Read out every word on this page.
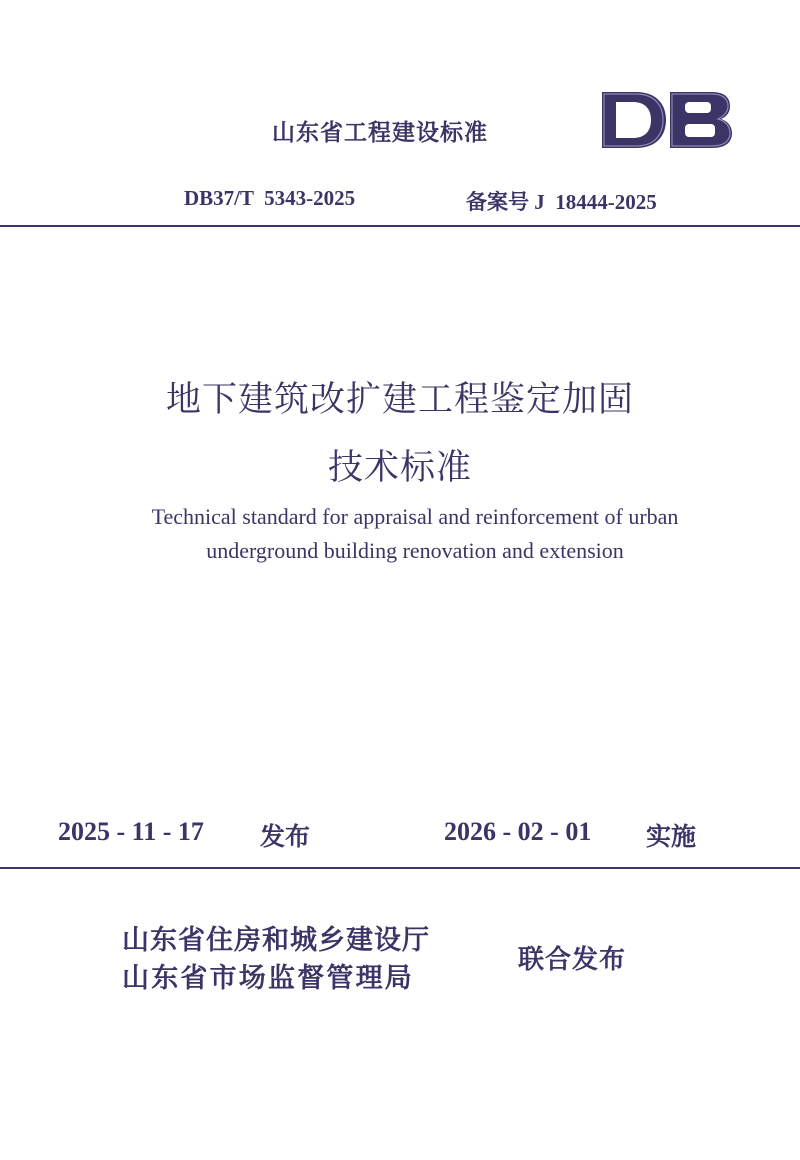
山东省工程建设标准
DB37/T  5343-2025	备案号 J  18444-2025
地下建筑改扩建工程鉴定加固
技术标准
Technical standard for appraisal and reinforcement of urban
underground building renovation and extension
2025 - 11 - 17 发布	2026 - 02 - 01 实施
山东省住房和城乡建设厅
山东省市场监督管理局
联合发布
